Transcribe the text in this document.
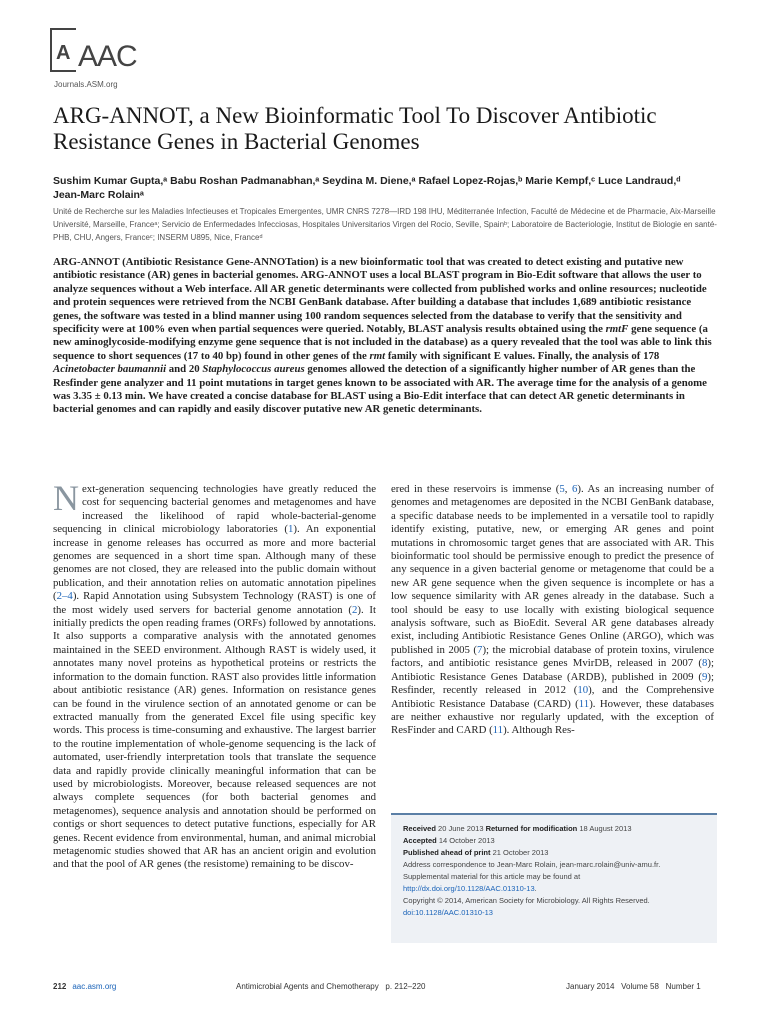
A AAC
Journals.ASM.org
ARG-ANNOT, a New Bioinformatic Tool To Discover Antibiotic
Resistance Genes in Bacterial Genomes
Sushim Kumar Gupta,ᵃ Babu Roshan Padmanabhan,ᵃ Seydina M. Diene,ᵃ Rafael Lopez-Rojas,ᵇ Marie Kempf,ᶜ Luce Landraud,ᵈ
Jean-Marc Rolainᵃ
Unité de Recherche sur les Maladies Infectieuses et Tropicales Emergentes, UMR CNRS 7278—IRD 198 IHU, Méditerranée Infection, Faculté de Médecine et de Pharmacie, Aix-Marseille Université, Marseille, Franceᵃ; Servicio de Enfermedades Infecciosas, Hospitales Universitarios Virgen del Rocio, Seville, Spainᵇ; Laboratoire de Bacteriologie, Institut de Biologie en santé-PHB, CHU, Angers, Franceᶜ; INSERM U895, Nice, Franceᵈ

ARG-ANNOT (Antibiotic Resistance Gene-ANNOTation) is a new bioinformatic tool that was created to detect existing and putative new antibiotic resistance (AR) genes in bacterial genomes. ARG-ANNOT uses a local BLAST program in Bio-Edit software that allows the user to analyze sequences without a Web interface. All AR genetic determinants were collected from published works and online resources; nucleotide and protein sequences were retrieved from the NCBI GenBank database. After building a database that includes 1,689 antibiotic resistance genes, the software was tested in a blind manner using 100 random sequences selected from the database to verify that the sensitivity and specificity were at 100% even when partial sequences were queried. Notably, BLAST analysis results obtained using the rmtF gene sequence (a new aminoglycoside-modifying enzyme gene sequence that is not included in the database) as a query revealed that the tool was able to link this sequence to short sequences (17 to 40 bp) found in other genes of the rmt family with significant E values. Finally, the analysis of 178 Acinetobacter baumannii and 20 Staphylococcus aureus genomes allowed the detection of a significantly higher number of AR genes than the Resfinder gene analyzer and 11 point mutations in target genes known to be associated with AR. The average time for the analysis of a genome was 3.35 ± 0.13 min. We have created a concise database for BLAST using a Bio-Edit interface that can detect AR genetic determinants in bacterial genomes and can rapidly and easily discover putative new AR genetic determinants.

Next-generation sequencing technologies have greatly reduced the cost for sequencing bacterial genomes and metagenomes and have increased the likelihood of rapid whole-bacterial-genome sequencing in clinical microbiology laboratories (1). An exponential increase in genome releases has occurred as more and more bacterial genomes are sequenced in a short time span. Although many of these genomes are not closed, they are released into the public domain without publication, and their annotation relies on automatic annotation pipelines (2–4). Rapid Annotation using Subsystem Technology (RAST) is one of the most widely used servers for bacterial genome annotation (2). It initially predicts the open reading frames (ORFs) followed by annotations. It also supports a comparative analysis with the annotated genomes maintained in the SEED environment. Although RAST is widely used, it annotates many novel proteins as hypothetical proteins or restricts the information to the domain function. RAST also provides little information about antibiotic resistance (AR) genes. Information on resistance genes can be found in the virulence section of an annotated genome or can be extracted manually from the generated Excel file using specific key words. This process is time-consuming and exhaustive. The largest barrier to the routine implementation of whole-genome sequencing is the lack of automated, user-friendly interpretation tools that translate the sequence data and rapidly provide clinically meaningful information that can be used by microbiologists. Moreover, because released sequences are not always complete sequences (for both bacterial genomes and metagenomes), sequence analysis and annotation should be performed on contigs or short sequences to detect putative functions, especially for AR genes. Recent evidence from environmental, human, and animal microbial metagenomic studies showed that AR has an ancient origin and evolution and that the pool of AR genes (the resistome) remaining to be discov-

ered in these reservoirs is immense (5, 6). As an increasing number of genomes and metagenomes are deposited in the NCBI GenBank database, a specific database needs to be implemented in a versatile tool to rapidly identify existing, putative, new, or emerging AR genes and point mutations in chromosomic target genes that are associated with AR. This bioinformatic tool should be permissive enough to predict the presence of any sequence in a given bacterial genome or metagenome that could be a new AR gene sequence when the given sequence is incomplete or has a low sequence similarity with AR genes already in the database. Such a tool should be easy to use locally with existing biological sequence analysis software, such as BioEdit. Several AR gene databases already exist, including Antibiotic Resistance Genes Online (ARGO), which was published in 2005 (7); the microbial database of protein toxins, virulence factors, and antibiotic resistance genes MvirDB, released in 2007 (8); Antibiotic Resistance Genes Database (ARDB), published in 2009 (9); Resfinder, recently released in 2012 (10), and the Comprehensive Antibiotic Resistance Database (CARD) (11). However, these databases are neither exhaustive nor regularly updated, with the exception of ResFinder and CARD (11). Although Res-

Received 20 June 2013 Returned for modification 18 August 2013
Accepted 14 October 2013
Published ahead of print 21 October 2013
Address correspondence to Jean-Marc Rolain, jean-marc.rolain@univ-amu.fr.
Supplemental material for this article may be found at http://dx.doi.org/10.1128/AAC.01310-13.
Copyright © 2014, American Society for Microbiology. All Rights Reserved.
doi:10.1128/AAC.01310-13
212 aac.asm.org	Antimicrobial Agents and Chemotherapy p. 212–220	January 2014   Volume 58   Number 1
